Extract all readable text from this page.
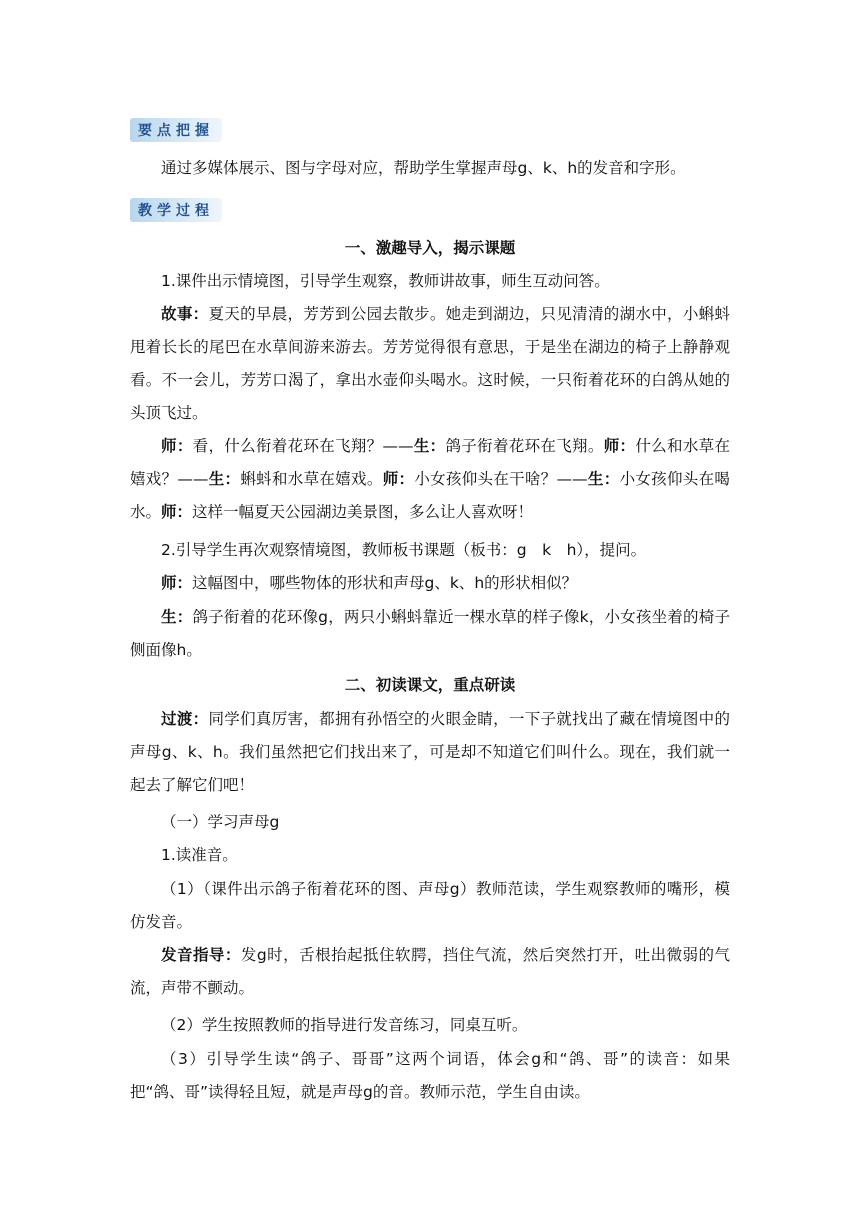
要点把握

通过多媒体展示、图与字母对应，帮助学生掌握声母g、k、h的发音和字形。

教学过程

一、激趣导入，揭示课题

1.课件出示情境图，引导学生观察，教师讲故事，师生互动问答。

故事：夏天的早晨，芳芳到公园去散步。她走到湖边，只见清清的湖水中，小蝌蚪甩着长长的尾巴在水草间游来游去。芳芳觉得很有意思，于是坐在湖边的椅子上静静观看。不一会儿，芳芳口渴了，拿出水壶仰头喝水。这时候，一只衔着花环的白鸽从她的头顶飞过。

师：看，什么衔着花环在飞翔？——生：鸽子衔着花环在飞翔。师：什么和水草在嬉戏？——生：蝌蚪和水草在嬉戏。师：小女孩仰头在干啥？——生：小女孩仰头在喝水。师：这样一幅夏天公园湖边美景图，多么让人喜欢呀！

2.引导学生再次观察情境图，教师板书课题（板书：g　k　h），提问。

师：这幅图中，哪些物体的形状和声母g、k、h的形状相似？

生：鸽子衔着的花环像g，两只小蝌蚪靠近一棵水草的样子像k，小女孩坐着的椅子侧面像h。

二、初读课文，重点研读

过渡：同学们真厉害，都拥有孙悟空的火眼金睛，一下子就找出了藏在情境图中的声母g、k、h。我们虽然把它们找出来了，可是却不知道它们叫什么。现在，我们就一起去了解它们吧！

（一）学习声母g

1.读准音。

（1）（课件出示鸽子衔着花环的图、声母g）教师范读，学生观察教师的嘴形，模仿发音。

发音指导：发g时，舌根抬起抵住软腭，挡住气流，然后突然打开，吐出微弱的气流，声带不颤动。

（2）学生按照教师的指导进行发音练习，同桌互听。

（3）引导学生读“鸽子、哥哥”这两个词语，体会g和“鸽、哥”的读音：如果把“鸽、哥”读得轻且短，就是声母g的音。教师示范，学生自由读。
